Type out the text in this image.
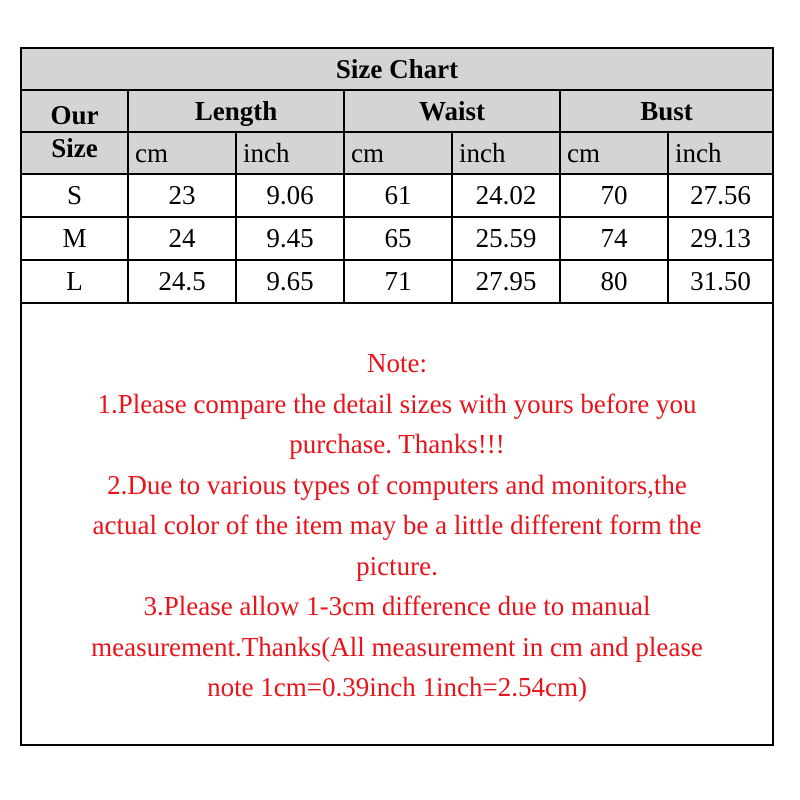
Size Chart						
Our	Length		Waist		Bust	
Size	cm	inch	cm	inch	cm	inch
S	23	9.06	61	24.02	70	27.56
M	24	9.45	65	25.59	74	29.13
L	24.5	9.65	71	27.95	80	31.50
Note:
1.Please compare the detail sizes with yours before you
purchase. Thanks!!!
2.Due to various types of computers and monitors,the
actual color of the item may be a little different form the
picture.
3.Please allow 1-3cm difference due to manual
measurement.Thanks(All measurement in cm and please
note 1cm=0.39inch 1inch=2.54cm)
